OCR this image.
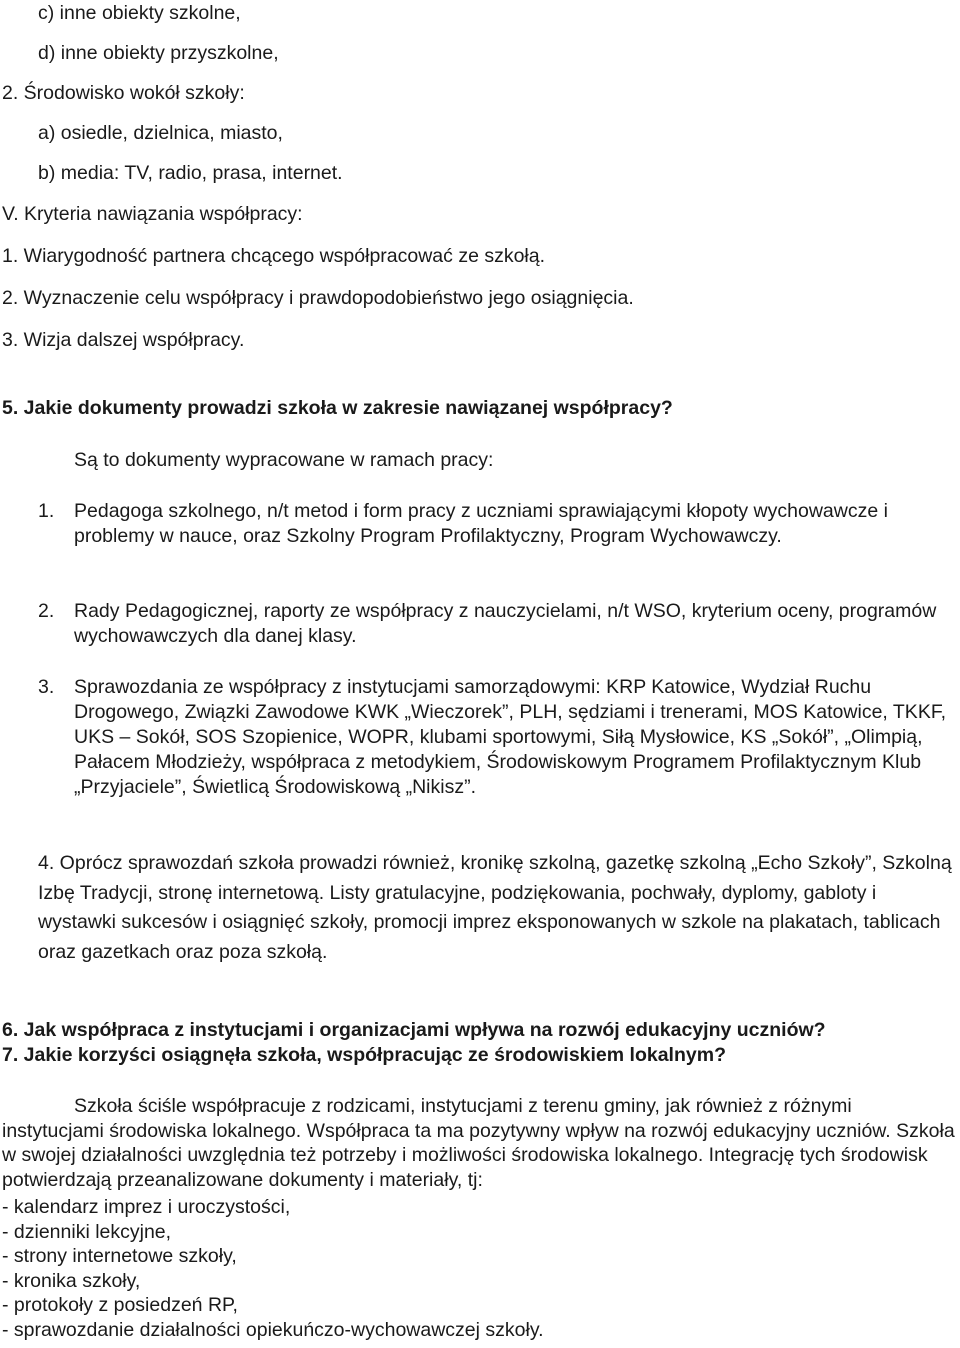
c) inne obiekty szkolne,
d) inne obiekty przyszkolne,
2. Środowisko wokół szkoły:
a) osiedle, dzielnica, miasto,
b) media: TV, radio, prasa, internet.
V. Kryteria nawiązania współpracy:
1. Wiarygodność partnera chcącego współpracować ze szkołą.
2. Wyznaczenie celu współpracy i prawdopodobieństwo jego osiągnięcia.
3. Wizja dalszej współpracy.
5. Jakie dokumenty prowadzi szkoła w zakresie nawiązanej współpracy?
Są to dokumenty wypracowane w ramach pracy:
1. Pedagoga szkolnego, n/t metod i form pracy z uczniami sprawiającymi kłopoty wychowawcze i problemy w nauce, oraz Szkolny Program Profilaktyczny, Program Wychowawczy.
2. Rady Pedagogicznej, raporty ze współpracy z nauczycielami, n/t WSO, kryterium oceny, programów wychowawczych dla danej klasy.
3. Sprawozdania ze współpracy z instytucjami samorządowymi: KRP Katowice, Wydział Ruchu Drogowego, Związki Zawodowe KWK „Wieczorek”, PLH, sędziami i trenerami, MOS Katowice, TKKF, UKS – Sokół, SOS Szopienice, WOPR, klubami sportowymi, Siłą Mysłowice, KS „Sokół”, „Olimpią, Pałacem Młodzieży, współpraca z metodykiem, Środowiskowym Programem Profilaktycznym Klub „Przyjaciele”, Świetlicą Środowiskową „Nikisz”.
4. Oprócz sprawozdań szkoła prowadzi również, kronikę szkolną, gazetkę szkolną „Echo Szkoły”, Szkolną Izbę Tradycji, stronę internetową. Listy gratulacyjne, podziękowania, pochwały, dyplomy, gabloty i wystawki sukcesów i osiągnięć szkoły, promocji imprez eksponowanych w szkole na plakatach, tablicach oraz gazetkach oraz poza szkołą.
6. Jak współpraca z instytucjami i organizacjami wpływa na rozwój edukacyjny uczniów?
7. Jakie korzyści osiągnęła szkoła, współpracując ze środowiskiem lokalnym?
Szkoła ściśle współpracuje z rodzicami, instytucjami z terenu gminy, jak również z różnymi instytucjami środowiska lokalnego. Współpraca ta ma pozytywny wpływ na rozwój edukacyjny uczniów. Szkoła w swojej działalności uwzględnia też potrzeby i możliwości środowiska lokalnego. Integrację tych środowisk potwierdzają przeanalizowane dokumenty i materiały, tj:
- kalendarz imprez i uroczystości,
- dzienniki lekcyjne,
- strony internetowe szkoły,
- kronika szkoły,
- protokoły z posiedzeń RP,
- sprawozdanie działalności opiekuńczo-wychowawczej szkoły.
